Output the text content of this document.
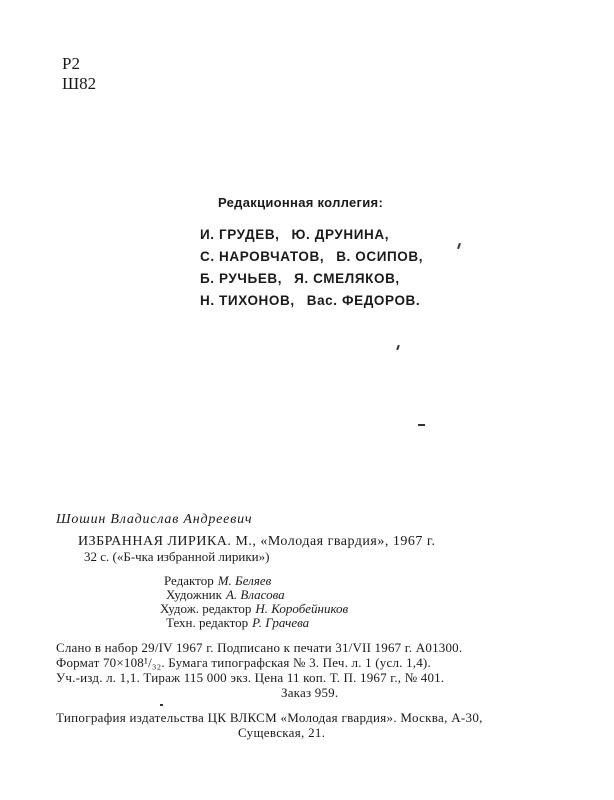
Р2
Ш82
Редакционная коллегия:
И. ГРУДЕВ, Ю. ДРУНИНА,
С. НАРОВЧАТОВ, В. ОСИПОВ,
Б. РУЧЬЕВ, Я. СМЕЛЯКОВ,
Н. ТИХОНОВ, Вас. ФЕДОРОВ.
Шошин Владислав Андреевич
ИЗБРАННАЯ ЛИРИКА. М., «Молодая гвардия», 1967 г.
32 с. («Б-чка избранной лирики»)
Редактор М. Беляев
Художник А. Власова
Худож. редактор Н. Коробейников
Техн. редактор Р. Грачева
Слано в набор 29/IV 1967 г. Подписано к печати 31/VII 1967 г. А01300.
Формат 70×108¹/₃₂. Бумага типографская № 3. Печ. л. 1 (усл. 1,4).
Уч.-изд. л. 1,1. Тираж 115 000 экз. Цена 11 коп. Т. П. 1967 г., № 401.
Заказ 959.
Типография издательства ЦК ВЛКСМ «Молодая гвардия». Москва, А-30,
Сущевская, 21.
